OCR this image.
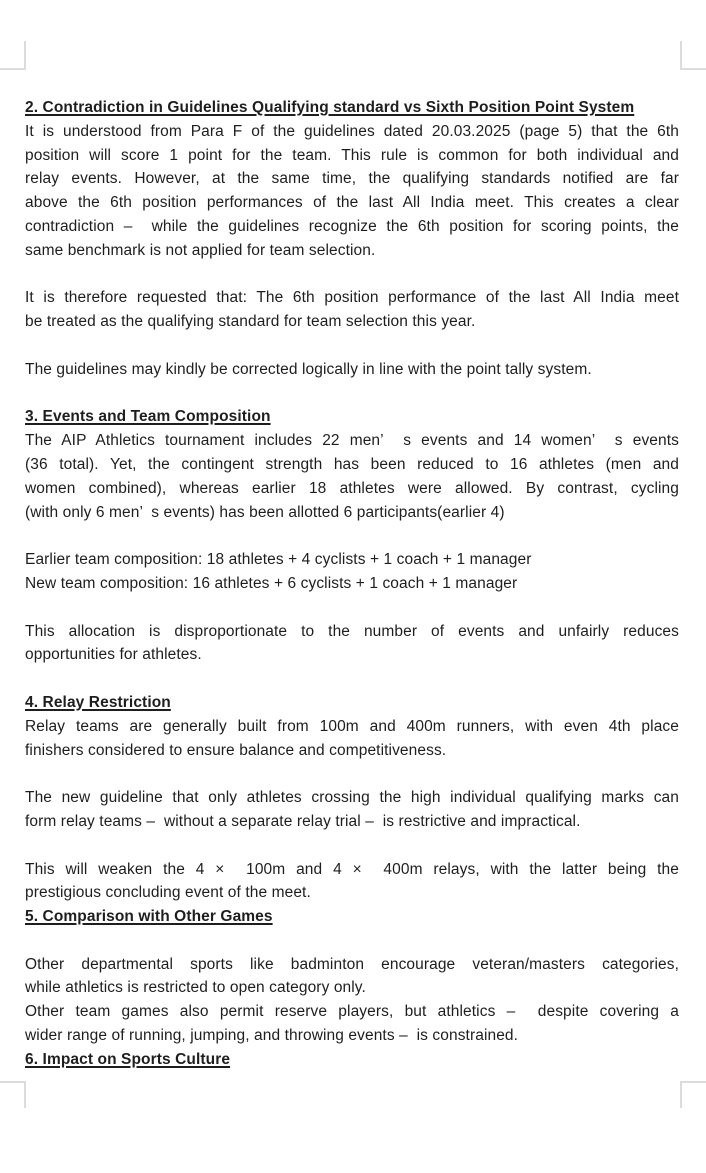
2. Contradiction in Guidelines Qualifying standard vs Sixth Position Point System
It is understood from Para F of the guidelines dated 20.03.2025 (page 5) that the 6th
position will score 1 point for the team. This rule is common for both individual and
relay events. However, at the same time, the qualifying standards notified are far
above the 6th position performances of the last All India meet. This creates a clear
contradiction –  while the guidelines recognize the 6th position for scoring points, the
same benchmark is not applied for team selection.
It is therefore requested that: The 6th position performance of the last All India meet
be treated as the qualifying standard for team selection this year.
The guidelines may kindly be corrected logically in line with the point tally system.
3. Events and Team Composition
The AIP Athletics tournament includes 22 men’  s events and 14 women’  s events
(36 total). Yet, the contingent strength has been reduced to 16 athletes (men and
women combined), whereas earlier 18 athletes were allowed. By contrast, cycling
(with only 6 men’  s events) has been allotted 6 participants(earlier 4)
Earlier team composition: 18 athletes + 4 cyclists + 1 coach + 1 manager
New team composition: 16 athletes + 6 cyclists + 1 coach + 1 manager
This allocation is disproportionate to the number of events and unfairly reduces
opportunities for athletes.
4. Relay Restriction
Relay teams are generally built from 100m and 400m runners, with even 4th place
finishers considered to ensure balance and competitiveness.
The new guideline that only athletes crossing the high individual qualifying marks can
form relay teams –  without a separate relay trial –  is restrictive and impractical.
This will weaken the 4 ×  100m and 4 ×  400m relays, with the latter being the
prestigious concluding event of the meet.
5. Comparison with Other Games
Other departmental sports like badminton encourage veteran/masters categories,
while athletics is restricted to open category only.
Other team games also permit reserve players, but athletics –  despite covering a
wider range of running, jumping, and throwing events –  is constrained.
6. Impact on Sports Culture
